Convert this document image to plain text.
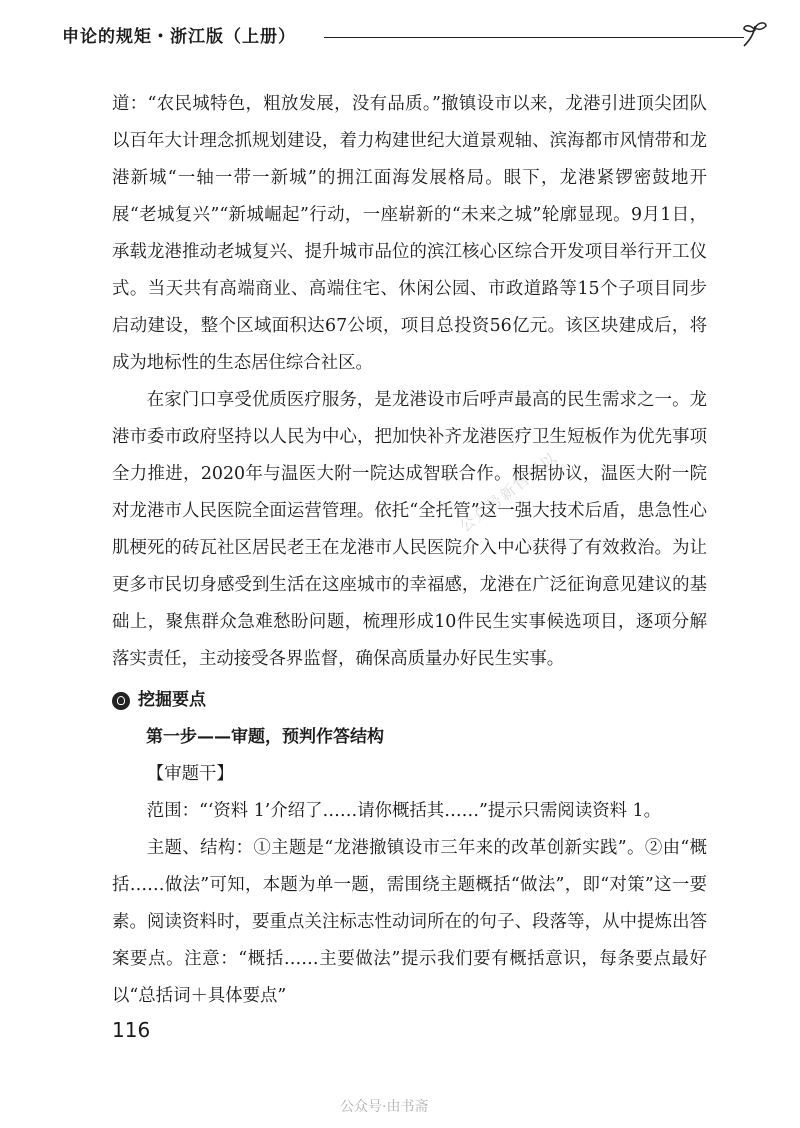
申论的规矩・浙江版（上册）

道：“农民城特色，粗放发展，没有品质。”撤镇设市以来，龙港引进顶尖团队以百年大计理念抓规划建设，着力构建世纪大道景观轴、滨海都市风情带和龙港新城“一轴一带一新城”的拥江面海发展格局。眼下，龙港紧锣密鼓地开展“老城复兴”“新城崛起”行动，一座崭新的“未来之城”轮廓显现。9月1日，承载龙港推动老城复兴、提升城市品位的滨江核心区综合开发项目举行开工仪式。当天共有高端商业、高端住宅、休闲公园、市政道路等15个子项目同步启动建设，整个区域面积达67公顷，项目总投资56亿元。该区块建成后，将成为地标性的生态居住综合社区。

在家门口享受优质医疗服务，是龙港设市后呼声最高的民生需求之一。龙港市委市政府坚持以人民为中心，把加快补齐龙港医疗卫生短板作为优先事项全力推进，2020年与温医大附一院达成智联合作。根据协议，温医大附一院对龙港市人民医院全面运营管理。依托“全托管”这一强大技术后盾，患急性心肌梗死的砖瓦社区居民老王在龙港市人民医院介入中心获得了有效救治。为让更多市民切身感受到生活在这座城市的幸福感，龙港在广泛征询意见建议的基础上，聚焦群众急难愁盼问题，梳理形成10件民生实事候选项目，逐项分解落实责任，主动接受各界监督，确保高质量办好民生实事。

挖掘要点

第一步——审题，预判作答结构

【审题干】

范围：“‘资料 1’介绍了……请你概括其……”提示只需阅读资料 1。

主题、结构：①主题是“龙港撤镇设市三年来的改革创新实践”。②由“概括……做法”可知，本题为单一题，需围绕主题概括“做法”，即“对策”这一要素。阅读资料时，要重点关注标志性动词所在的句子、段落等，从中提炼出答案要点。注意：“概括……主要做法”提示我们要有概括意识，每条要点最好以“总括词＋具体要点”

公众号新官可以
116
公众号·由书斋
